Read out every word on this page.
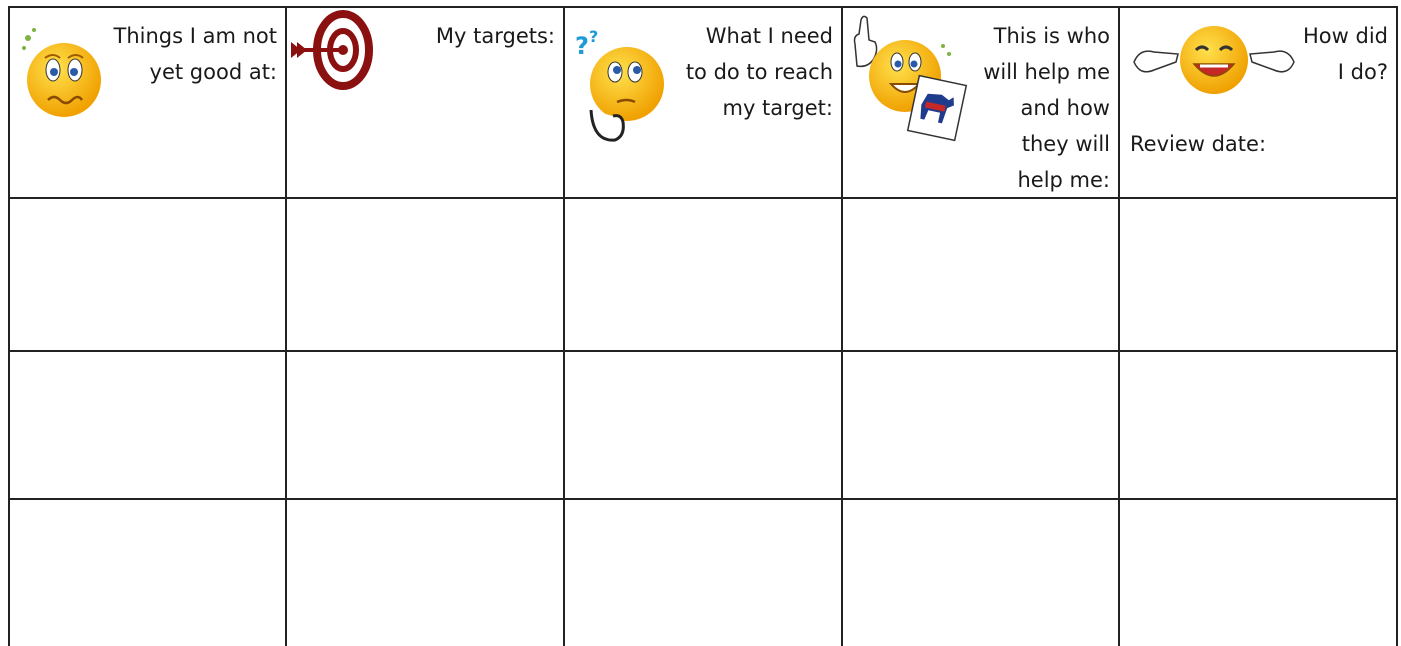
Things I am not
yet good at:
My targets: ? ?	What I need
to do to reach
my target:
This is who
will help me
and how
they will
help me:
How did
I do?
Review date:
